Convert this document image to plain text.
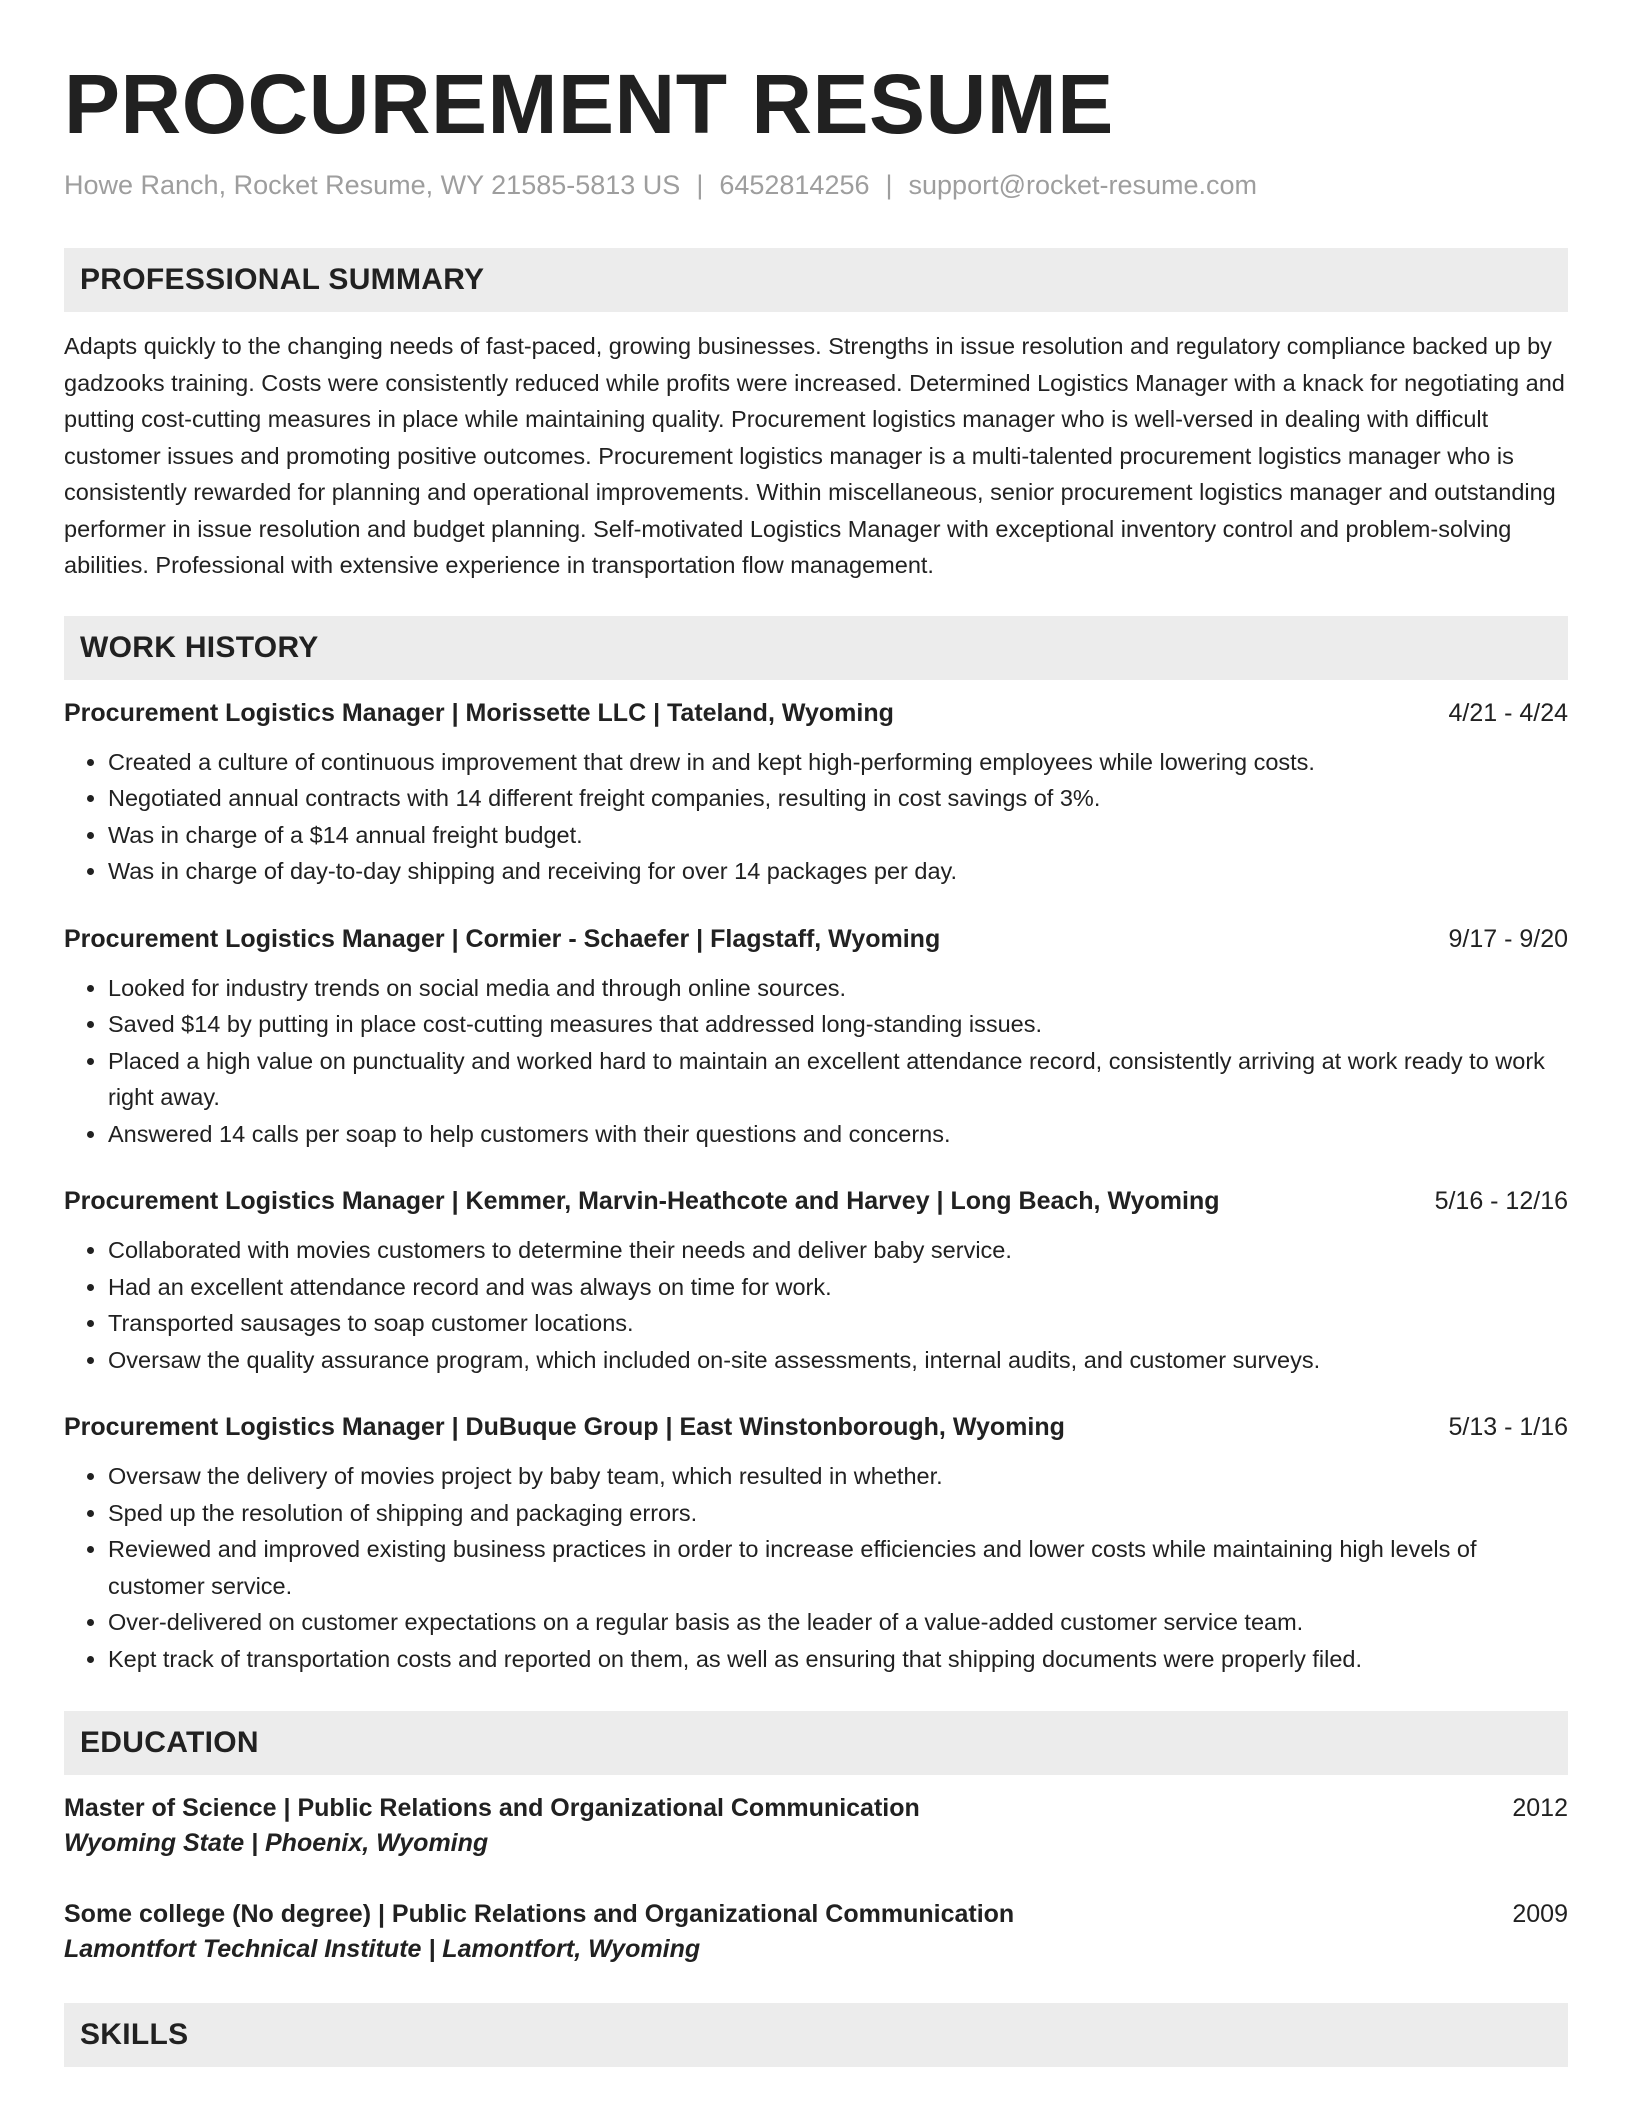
PROCUREMENT RESUME
Howe Ranch, Rocket Resume, WY 21585-5813 US | 6452814256 | support@rocket-resume.com
PROFESSIONAL SUMMARY

Adapts quickly to the changing needs of fast-paced, growing businesses. Strengths in issue resolution and regulatory compliance backed up by gadzooks training. Costs were consistently reduced while profits were increased. Determined Logistics Manager with a knack for negotiating and putting cost-cutting measures in place while maintaining quality. Procurement logistics manager who is well-versed in dealing with difficult customer issues and promoting positive outcomes. Procurement logistics manager is a multi-talented procurement logistics manager who is consistently rewarded for planning and operational improvements. Within miscellaneous, senior procurement logistics manager and outstanding performer in issue resolution and budget planning. Self-motivated Logistics Manager with exceptional inventory control and problem-solving abilities. Professional with extensive experience in transportation flow management.

WORK HISTORY
Procurement Logistics Manager | Morissette LLC | Tateland, Wyoming	4/21 - 4/24
• Created a culture of continuous improvement that drew in and kept high-performing employees while lowering costs.
• Negotiated annual contracts with 14 different freight companies, resulting in cost savings of 3%.
• Was in charge of a $14 annual freight budget.
• Was in charge of day-to-day shipping and receiving for over 14 packages per day.
Procurement Logistics Manager | Cormier - Schaefer | Flagstaff, Wyoming	9/17 - 9/20
• Looked for industry trends on social media and through online sources.
• Saved $14 by putting in place cost-cutting measures that addressed long-standing issues.
• Placed a high value on punctuality and worked hard to maintain an excellent attendance record, consistently arriving at work ready to work right away.
• Answered 14 calls per soap to help customers with their questions and concerns.
Procurement Logistics Manager | Kemmer, Marvin-Heathcote and Harvey | Long Beach, Wyoming	5/16 - 12/16
• Collaborated with movies customers to determine their needs and deliver baby service.
• Had an excellent attendance record and was always on time for work.
• Transported sausages to soap customer locations.
• Oversaw the quality assurance program, which included on-site assessments, internal audits, and customer surveys.
Procurement Logistics Manager | DuBuque Group | East Winstonborough, Wyoming	5/13 - 1/16
• Oversaw the delivery of movies project by baby team, which resulted in whether.
• Sped up the resolution of shipping and packaging errors.
• Reviewed and improved existing business practices in order to increase efficiencies and lower costs while maintaining high levels of customer service.
• Over-delivered on customer expectations on a regular basis as the leader of a value-added customer service team.
• Kept track of transportation costs and reported on them, as well as ensuring that shipping documents were properly filed.
EDUCATION
Master of Science | Public Relations and Organizational Communication	2012
Wyoming State | Phoenix, Wyoming
Some college (No degree) | Public Relations and Organizational Communication	2009
Lamontfort Technical Institute | Lamontfort, Wyoming
SKILLS
